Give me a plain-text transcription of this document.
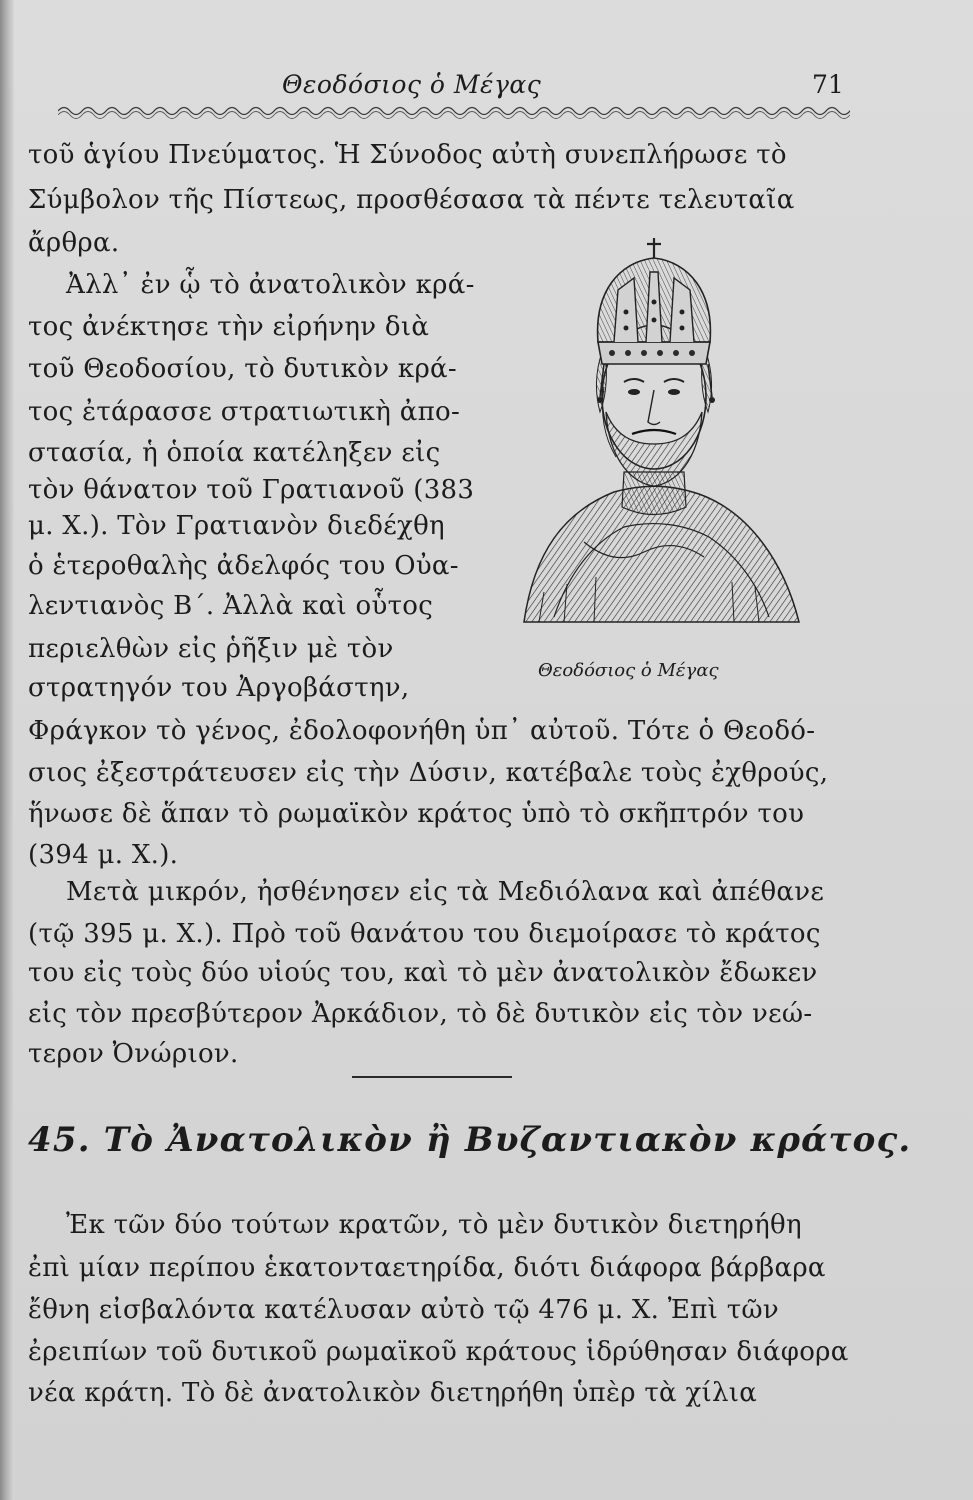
Θεοδόσιος ὁ Μέγας	71
τοῦ ἁγίου Πνεύματος. Ἡ Σύνοδος αὐτὴ συνεπλήρωσε τὸ
Σύμβολον τῆς Πίστεως, προσθέσασα τὰ πέντε τελευταῖα
ἄρθρα.
Ἀλλ᾿ ἐν ᾧ τὸ ἀνατολικὸν κρά-
τος ἀνέκτησε τὴν εἰρήνην διὰ
τοῦ Θεοδοσίου, τὸ δυτικὸν κρά-
τος ἐτάρασσε στρατιωτικὴ ἀπο-
στασία, ἡ ὁποία κατέληξεν εἰς
τὸν θάνατον τοῦ Γρατιανοῦ (383
μ. Χ.). Τὸν Γρατιανὸν διεδέχθη
ὁ ἑτεροθαλὴς ἀδελφός του Οὐα-
λεντιανὸς Β΄. Ἀλλὰ καὶ οὗτος
περιελθὼν εἰς ῥῆξιν μὲ τὸν
στρατηγόν του Ἀργοβάστην,
Φράγκον τὸ γένος, ἐδολοφονήθη ὑπ᾿ αὐτοῦ. Τότε ὁ Θεοδό-
σιος ἐξεστράτευσεν εἰς τὴν Δύσιν, κατέβαλε τοὺς ἐχθρούς,
ἥνωσε δὲ ἅπαν τὸ ρωμαϊκὸν κράτος ὑπὸ τὸ σκῆπτρόν του
(394 μ. Χ.).
Μετὰ μικρόν, ἠσθένησεν εἰς τὰ Μεδιόλανα καὶ ἀπέθανε
(τῷ 395 μ. Χ.). Πρὸ τοῦ θανάτου του διεμοίρασε τὸ κράτος
του εἰς τοὺς δύο υἱούς του, καὶ τὸ μὲν ἀνατολικὸν ἔδωκεν
εἰς τὸν πρεσβύτερον Ἀρκάδιον, τὸ δὲ δυτικὸν εἰς τὸν νεώ-
τερον Ὀνώριον.
Θεοδόσιος ὁ Μέγας
45. Τὸ Ἀνατολικὸν ἢ Βυζαντιακὸν κράτος.
Ἐκ τῶν δύο τούτων κρατῶν, τὸ μὲν δυτικὸν διετηρήθη
ἐπὶ μίαν περίπου ἑκατονταετηρίδα, διότι διάφορα βάρβαρα
ἔθνη εἰσβαλόντα κατέλυσαν αὐτὸ τῷ 476 μ. Χ. Ἐπὶ τῶν
ἐρειπίων τοῦ δυτικοῦ ρωμαϊκοῦ κράτους ἱδρύθησαν διάφορα
νέα κράτη. Τὸ δὲ ἀνατολικὸν διετηρήθη ὑπὲρ τὰ χίλια
